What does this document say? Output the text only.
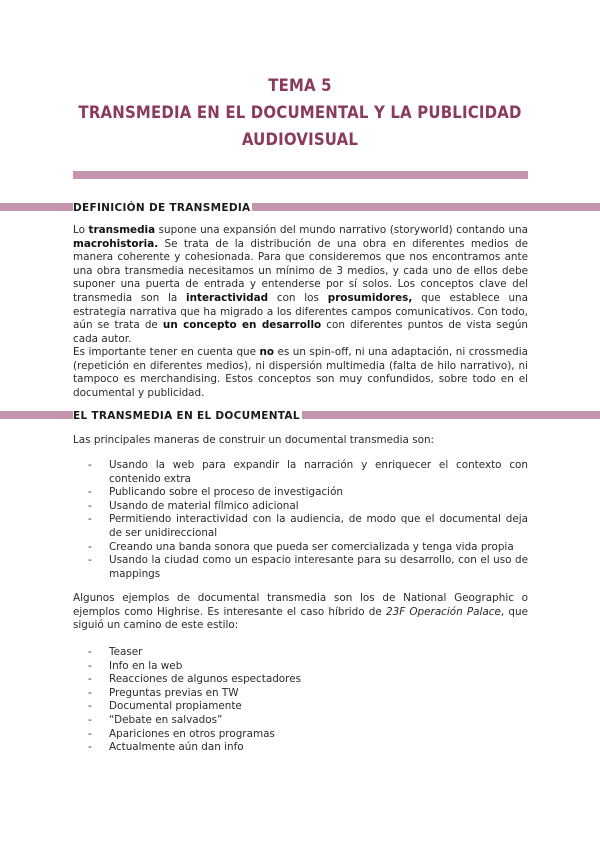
TEMA 5
TRANSMEDIA EN EL DOCUMENTAL Y LA PUBLICIDAD
AUDIOVISUAL
DEFINICIÓN DE TRANSMEDIA
Lo transmedia supone una expansión del mundo narrativo (storyworld) contando una macrohistoria. Se trata de la distribución de una obra en diferentes medios de manera coherente y cohesionada. Para que consideremos que nos encontramos ante una obra transmedia necesitamos un mínimo de 3 medios, y cada uno de ellos debe suponer una puerta de entrada y entenderse por sí solos. Los conceptos clave del transmedia son la interactividad con los prosumidores, que establece una estrategia narrativa que ha migrado a los diferentes campos comunicativos. Con todo, aún se trata de un concepto en desarrollo con diferentes puntos de vista según cada autor.
Es importante tener en cuenta que no es un spin-off, ni una adaptación, ni crossmedia (repetición en diferentes medios), ni dispersión multimedia (falta de hilo narrativo), ni tampoco es merchandising. Estos conceptos son muy confundidos, sobre todo en el documental y publicidad.
EL TRANSMEDIA EN EL DOCUMENTAL
Las principales maneras de construir un documental transmedia son:
- Usando la web para expandir la narración y enriquecer el contexto con contenido extra
- Publicando sobre el proceso de investigación
- Usando de material fílmico adicional
- Permitiendo interactividad con la audiencia, de modo que el documental deja de ser unidireccional
- Creando una banda sonora que pueda ser comercializada y tenga vida propia
- Usando la ciudad como un espacio interesante para su desarrollo, con el uso de mappings
Algunos ejemplos de documental transmedia son los de National Geographic o ejemplos como Highrise. Es interesante el caso híbrido de 23F Operación Palace, que siguió un camino de este estilo:
- Teaser
- Info en la web
- Reacciones de algunos espectadores
- Preguntas previas en TW
- Documental propiamente
- “Debate en salvados”
- Apariciones en otros programas
- Actualmente aún dan info
